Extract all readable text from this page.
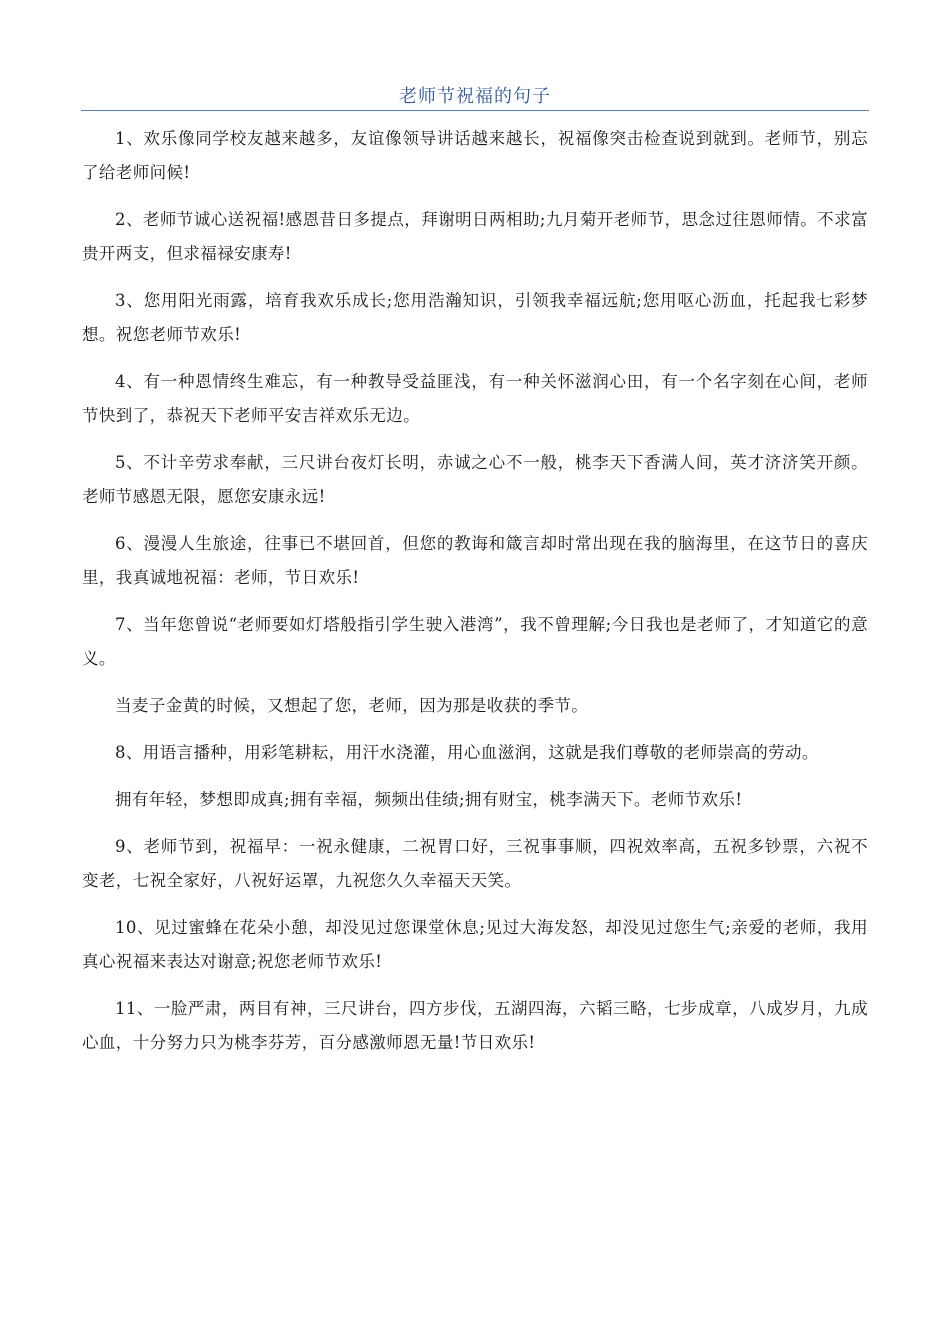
老师节祝福的句子

1、欢乐像同学校友越来越多，友谊像领导讲话越来越长，祝福像突击检查说到就到。老师节，别忘了给老师问候!

2、老师节诚心送祝福!感恩昔日多提点，拜谢明日两相助;九月菊开老师节，思念过往恩师情。不求富贵开两支，但求福禄安康寿!

3、您用阳光雨露，培育我欢乐成长;您用浩瀚知识，引领我幸福远航;您用呕心沥血，托起我七彩梦想。祝您老师节欢乐!

4、有一种恩情终生难忘，有一种教导受益匪浅，有一种关怀滋润心田，有一个名字刻在心间，老师节快到了，恭祝天下老师平安吉祥欢乐无边。

5、不计辛劳求奉献，三尺讲台夜灯长明，赤诚之心不一般，桃李天下香满人间，英才济济笑开颜。老师节感恩无限，愿您安康永远!

6、漫漫人生旅途，往事已不堪回首，但您的教诲和箴言却时常出现在我的脑海里，在这节日的喜庆里，我真诚地祝福：老师，节日欢乐!

7、当年您曾说“老师要如灯塔般指引学生驶入港湾”，我不曾理解;今日我也是老师了，才知道它的意义。

当麦子金黄的时候，又想起了您，老师，因为那是收获的季节。

8、用语言播种，用彩笔耕耘，用汗水浇灌，用心血滋润，这就是我们尊敬的老师崇高的劳动。

拥有年轻，梦想即成真;拥有幸福，频频出佳绩;拥有财宝，桃李满天下。老师节欢乐!

9、老师节到，祝福早：一祝永健康，二祝胃口好，三祝事事顺，四祝效率高，五祝多钞票，六祝不变老，七祝全家好，八祝好运罩，九祝您久久幸福天天笑。

10、见过蜜蜂在花朵小憩，却没见过您课堂休息;见过大海发怒，却没见过您生气;亲爱的老师，我用真心祝福来表达对谢意;祝您老师节欢乐!

11、一脸严肃，两目有神，三尺讲台，四方步伐，五湖四海，六韬三略，七步成章，八成岁月，九成心血，十分努力只为桃李芬芳，百分感激师恩无量!节日欢乐!
